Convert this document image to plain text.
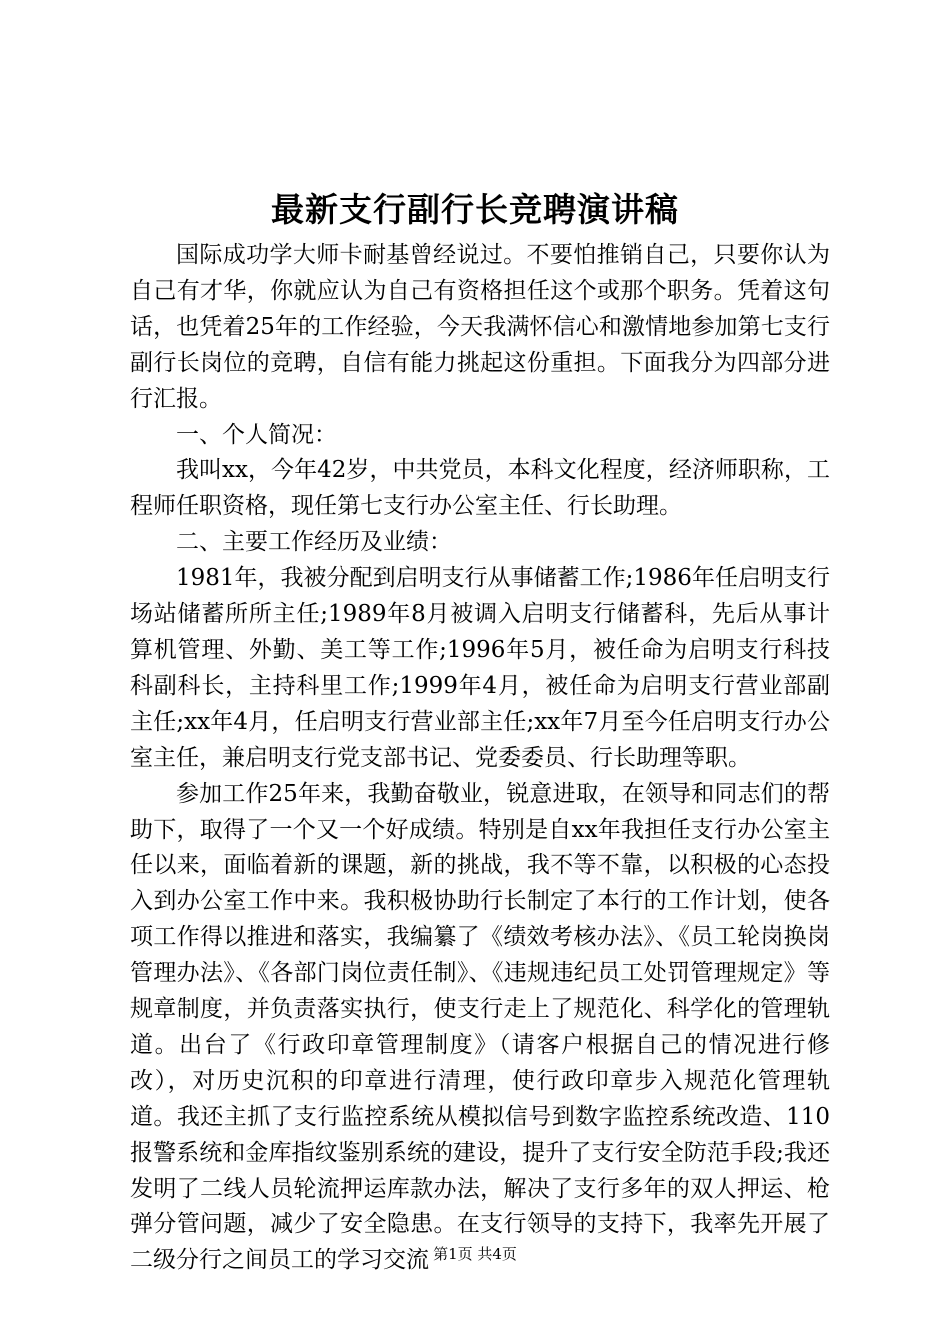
最新支行副行长竞聘演讲稿

国际成功学大师卡耐基曾经说过。不要怕推销自己，只要你认为自己有才华，你就应认为自己有资格担任这个或那个职务。凭着这句话，也凭着25年的工作经验，今天我满怀信心和激情地参加第七支行副行长岗位的竞聘，自信有能力挑起这份重担。下面我分为四部分进行汇报。

一、个人简况：

我叫xx，今年42岁，中共党员，本科文化程度，经济师职称，工程师任职资格，现任第七支行办公室主任、行长助理。

二、主要工作经历及业绩：

1981年，我被分配到启明支行从事储蓄工作;1986年任启明支行场站储蓄所所主任;1989年8月被调入启明支行储蓄科，先后从事计算机管理、外勤、美工等工作;1996年5月，被任命为启明支行科技科副科长，主持科里工作;1999年4月，被任命为启明支行营业部副主任;xx年4月，任启明支行营业部主任;xx年7月至今任启明支行办公室主任，兼启明支行党支部书记、党委委员、行长助理等职。

参加工作25年来，我勤奋敬业，锐意进取，在领导和同志们的帮助下，取得了一个又一个好成绩。特别是自xx年我担任支行办公室主任以来，面临着新的课题，新的挑战，我不等不靠，以积极的心态投入到办公室工作中来。我积极协助行长制定了本行的工作计划，使各项工作得以推进和落实，我编纂了《绩效考核办法》、《员工轮岗换岗管理办法》、《各部门岗位责任制》、《违规违纪员工处罚管理规定》等规章制度，并负责落实执行，使支行走上了规范化、科学化的管理轨道。出台了《行政印章管理制度》（请客户根据自己的情况进行修改），对历史沉积的印章进行清理，使行政印章步入规范化管理轨道。我还主抓了支行监控系统从模拟信号到数字监控系统改造、110报警系统和金库指纹鉴别系统的建设，提升了支行安全防范手段;我还发明了二线人员轮流押运库款办法，解决了支行多年的双人押运、枪弹分管问题，减少了安全隐患。在支行领导的支持下，我率先开展了二级分行之间员工的学习交流 第1页 共4页
